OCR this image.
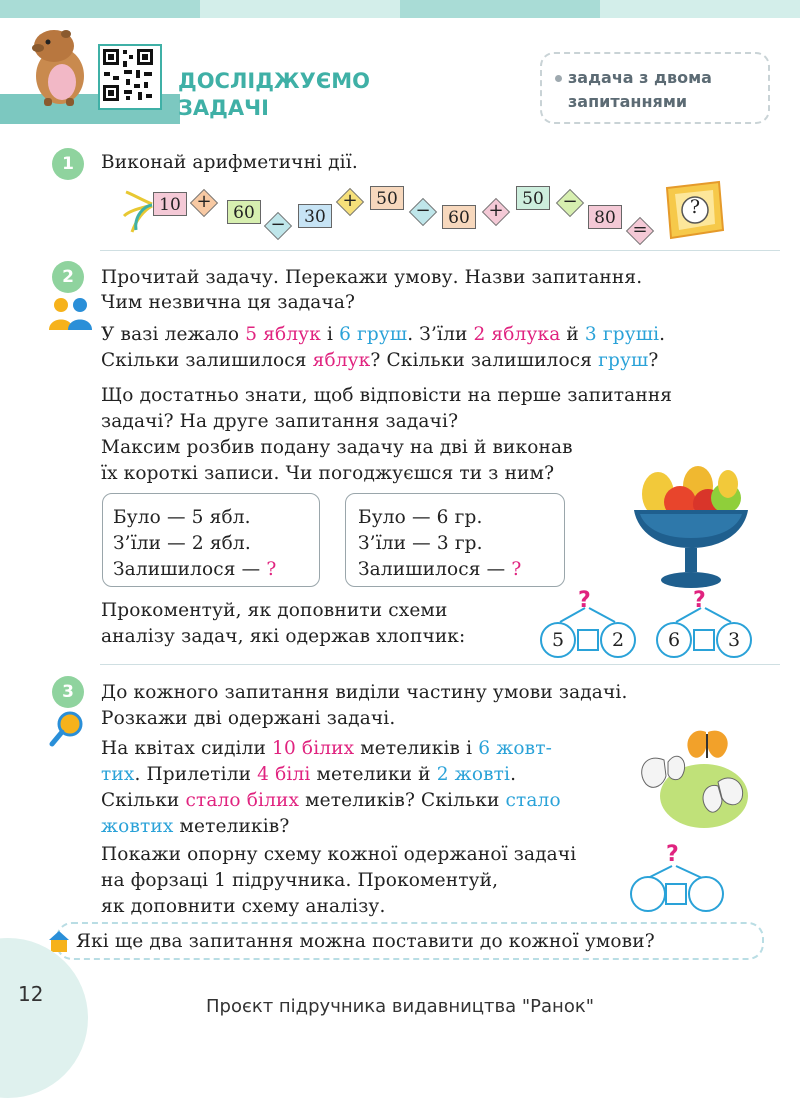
ДОСЛІДЖУЄМО
ЗАДАЧІ
задача з двома
запитаннями
1	Виконай арифметичні дії.
10 +
60
−	30
+	50
−	60	+
50	−
80
=
?
2	Прочитай задачу. Перекажи умову. Назви запитання.
Чим незвична ця задача?
У вазі лежало 5 яблук і 6 груш. З’їли 2 яблука й 3 груші.
Скільки залишилося яблук? Скільки залишилося груш?
Що достатньо знати, щоб відповісти на перше запитання
задачі? На друге запитання задачі?
Максим розбив подану задачу на дві й виконав
їх короткі записи. Чи погоджуєшся ти з ним?
Було — 5 ябл.
З’їли — 2 ябл.
Залишилося — ?
Було — 6 гр.
З’їли — 3 гр.
Залишилося — ?
Прокоментуй, як доповнити схеми
аналізу задач, які одержав хлопчик:
?
5	2
?
6	3
3	До кожного запитання виділи частину умови задачі.
Розкажи дві одержані задачі.
На квітах сиділи 10 білих метеликів і 6 жовт-
тих. Прилетіли 4 білі метелики й 2 жовті.
Скільки стало білих метеликів? Скільки стало
жовтих метеликів?
Покажи опорну схему кожної одержаної задачі
на форзаці 1 підручника. Прокоментуй,
як доповнити схему аналізу.
?
Які ще два запитання можна поставити до кожної умови?
12
Проєкт підручника видавництва "Ранок"
